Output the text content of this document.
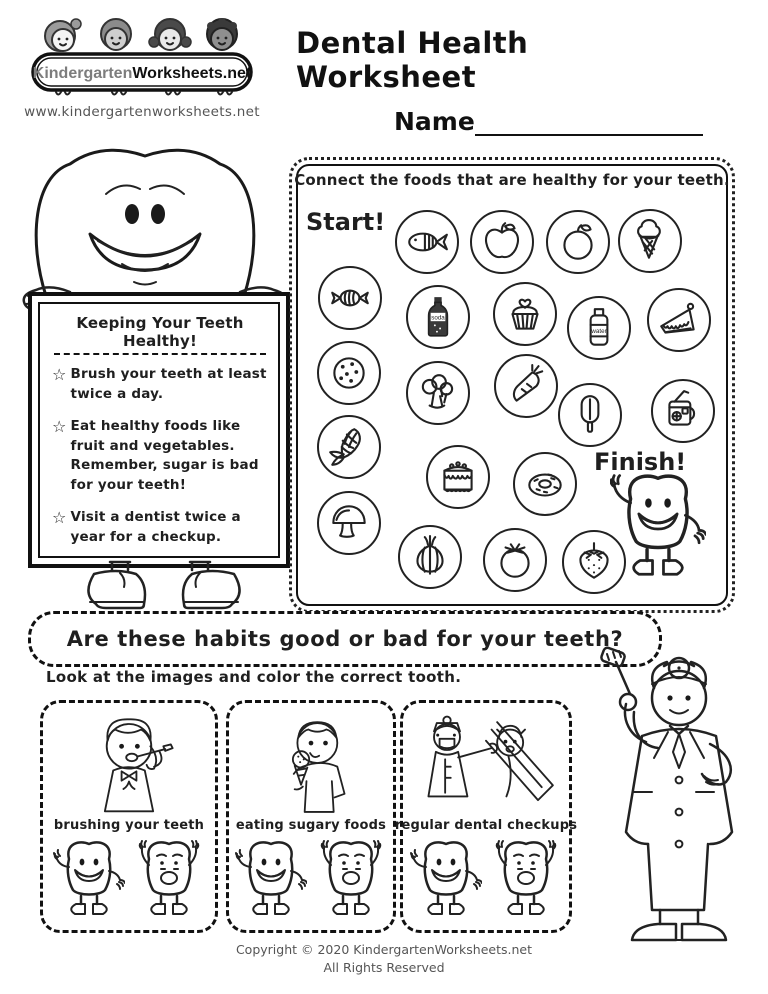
KindergartenWorksheets.net
www.kindergartenworksheets.net
Dental Health Worksheet
Name
Keeping Your Teeth Healthy!
☆ Brush your teeth at least twice a day.
☆ Eat healthy foods like fruit and vegetables. Remember, sugar is bad for your teeth!
☆ Visit a dentist twice a year for a checkup.
Connect the foods that are healthy for your teeth.
Start!
Finish!
soda
water
Are these habits good or bad for your teeth?
Look at the images and color the correct tooth.
brushing your teeth eating sugary foods regular dental checkups
Copyright © 2020 KindergartenWorksheets.net
All Rights Reserved
